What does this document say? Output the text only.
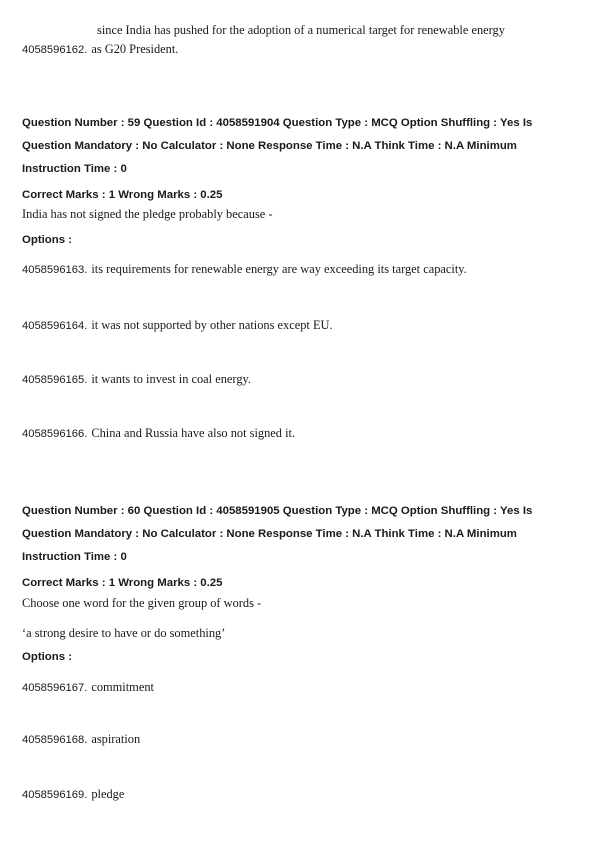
since India has pushed for the adoption of a numerical target for renewable energy
4058596162. as G20 President.
Question Number : 59 Question Id : 4058591904 Question Type : MCQ Option Shuffling : Yes Is
Question Mandatory : No Calculator : None Response Time : N.A Think Time : N.A Minimum
Instruction Time : 0
Correct Marks : 1 Wrong Marks : 0.25
India has not signed the pledge probably because -
Options :
4058596163. its requirements for renewable energy are way exceeding its target capacity.
4058596164. it was not supported by other nations except EU.
4058596165. it wants to invest in coal energy.
4058596166. China and Russia have also not signed it.
Question Number : 60 Question Id : 4058591905 Question Type : MCQ Option Shuffling : Yes Is
Question Mandatory : No Calculator : None Response Time : N.A Think Time : N.A Minimum
Instruction Time : 0
Correct Marks : 1 Wrong Marks : 0.25
Choose one word for the given group of words -
‘a strong desire to have or do something’
Options :
4058596167. commitment
4058596168. aspiration
4058596169. pledge
